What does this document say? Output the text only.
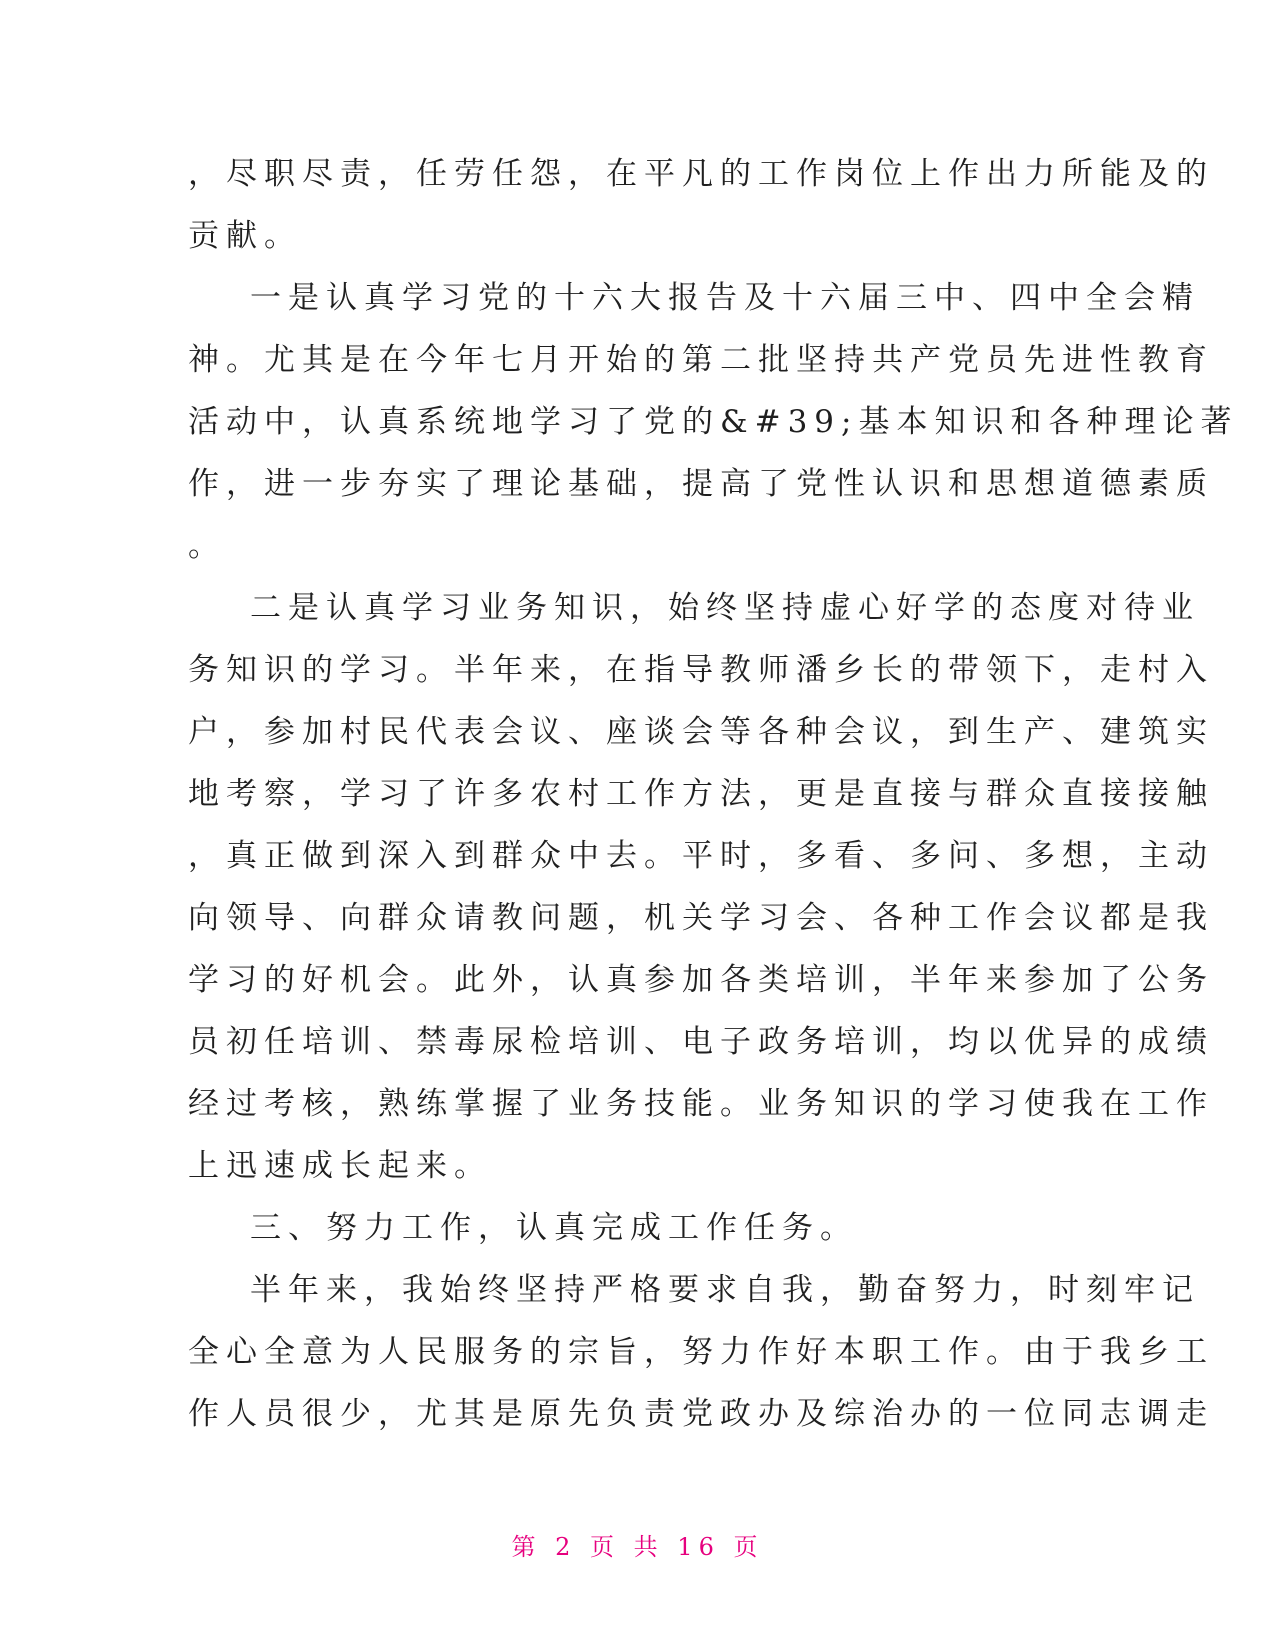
，尽职尽责，任劳任怨，在平凡的工作岗位上作出力所能及的
贡献。
一是认真学习党的十六大报告及十六届三中、四中全会精
神。尤其是在今年七月开始的第二批坚持共产党员先进性教育
活动中，认真系统地学习了党的&#39;基本知识和各种理论著
作，进一步夯实了理论基础，提高了党性认识和思想道德素质
。
二是认真学习业务知识，始终坚持虚心好学的态度对待业
务知识的学习。半年来，在指导教师潘乡长的带领下，走村入
户，参加村民代表会议、座谈会等各种会议，到生产、建筑实
地考察，学习了许多农村工作方法，更是直接与群众直接接触
，真正做到深入到群众中去。平时，多看、多问、多想，主动
向领导、向群众请教问题，机关学习会、各种工作会议都是我
学习的好机会。此外，认真参加各类培训，半年来参加了公务
员初任培训、禁毒尿检培训、电子政务培训，均以优异的成绩
经过考核，熟练掌握了业务技能。业务知识的学习使我在工作
上迅速成长起来。
三、努力工作，认真完成工作任务。
半年来，我始终坚持严格要求自我，勤奋努力，时刻牢记
全心全意为人民服务的宗旨，努力作好本职工作。由于我乡工
作人员很少，尤其是原先负责党政办及综治办的一位同志调走
第 2 页 共 16 页
